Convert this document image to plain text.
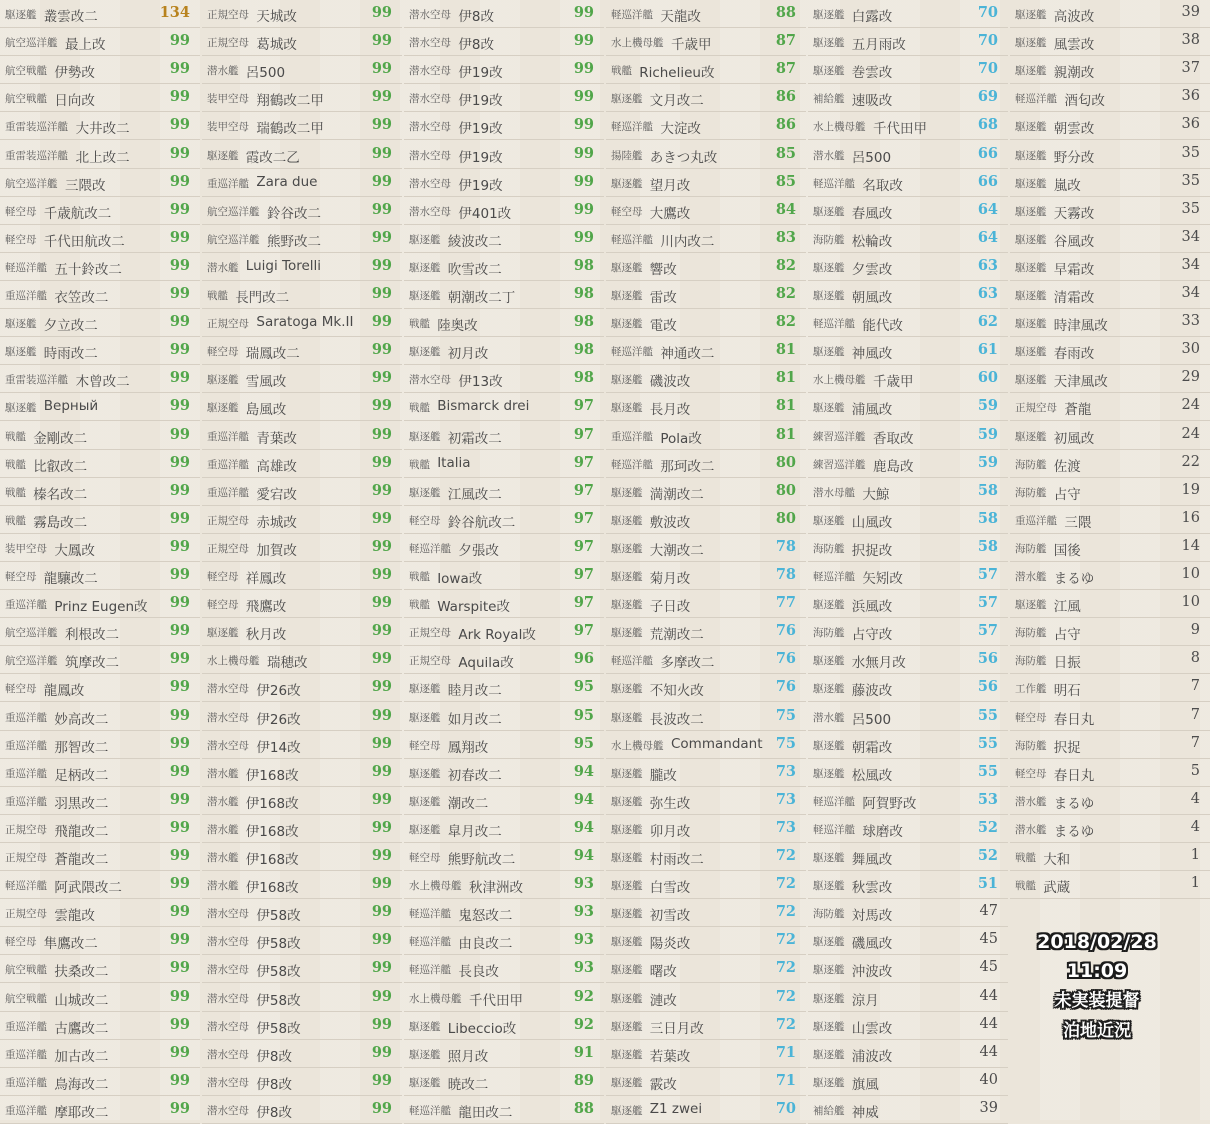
駆逐艦 叢雲改二	134
航空巡洋艦 最上改	99
航空戦艦 伊勢改	99
航空戦艦 日向改	99
重雷装巡洋艦 大井改二	99
重雷装巡洋艦 北上改二	99
航空巡洋艦 三隈改	99
軽空母 千歳航改二	99
軽空母 千代田航改二	99
軽巡洋艦 五十鈴改二	99
重巡洋艦 衣笠改二	99
駆逐艦 夕立改二	99
駆逐艦 時雨改二	99
重雷装巡洋艦 木曾改二	99
駆逐艦 Верный	99
戦艦 金剛改二	99
戦艦 比叡改二	99
戦艦 榛名改二	99
戦艦 霧島改二	99
装甲空母 大鳳改	99
軽空母 龍驤改二	99
重巡洋艦 Prinz Eugen改 99
航空巡洋艦 利根改二	99
航空巡洋艦 筑摩改二	99
軽空母 龍鳳改	99
重巡洋艦 妙高改二	99
重巡洋艦 那智改二	99
重巡洋艦 足柄改二	99
重巡洋艦 羽黒改二	99
正規空母 飛龍改二	99
正規空母 蒼龍改二	99
軽巡洋艦 阿武隈改二	99
正規空母 雲龍改	99
軽空母 隼鷹改二	99
航空戦艦 扶桑改二	99
航空戦艦 山城改二	99
重巡洋艦 古鷹改二	99
重巡洋艦 加古改二	99
重巡洋艦 鳥海改二	99
重巡洋艦 摩耶改二	99
正規空母 天城改	99
正規空母 葛城改	99
潜水艦 呂500	99
装甲空母 翔鶴改二甲	99
装甲空母 瑞鶴改二甲	99
駆逐艦 霞改二乙	99
重巡洋艦 Zara due	99
航空巡洋艦 鈴谷改二	99
航空巡洋艦 熊野改二	99
潜水艦 Luigi Torelli	99
戦艦 長門改二	99
正規空母 Saratoga Mk.II 99
軽空母 瑞鳳改二	99
駆逐艦 雪風改	99
駆逐艦 島風改	99
重巡洋艦 青葉改	99
重巡洋艦 高雄改	99
重巡洋艦 愛宕改	99
正規空母 赤城改	99
正規空母 加賀改	99
軽空母 祥鳳改	99
軽空母 飛鷹改	99
駆逐艦 秋月改	99
水上機母艦 瑞穂改	99
潜水空母 伊26改	99
潜水空母 伊26改	99
潜水空母 伊14改	99
潜水艦 伊168改	99
潜水艦 伊168改	99
潜水艦 伊168改	99
潜水艦 伊168改	99
潜水艦 伊168改	99
潜水空母 伊58改	99
潜水空母 伊58改	99
潜水空母 伊58改	99
潜水空母 伊58改	99
潜水空母 伊58改	99
潜水空母 伊8改	99
潜水空母 伊8改	99
潜水空母 伊8改	99
潜水空母 伊8改	99
潜水空母 伊8改	99
潜水空母 伊19改	99
潜水空母 伊19改	99
潜水空母 伊19改	99
潜水空母 伊19改	99
潜水空母 伊19改	99
潜水空母 伊401改	99
駆逐艦 綾波改二	99
駆逐艦 吹雪改二	98
駆逐艦 朝潮改二丁	98
戦艦 陸奥改	98
駆逐艦 初月改	98
潜水空母 伊13改	98
戦艦 Bismarck drei	97
駆逐艦 初霜改二	97
戦艦 Italia	97
駆逐艦 江風改二	97
軽空母 鈴谷航改二	97
軽巡洋艦 夕張改	97
戦艦 Iowa改	97
戦艦 Warspite改	97
正規空母 Ark Royal改	97
正規空母 Aquila改	96
駆逐艦 睦月改二	95
駆逐艦 如月改二	95
軽空母 鳳翔改	95
駆逐艦 初春改二	94
駆逐艦 潮改二	94
駆逐艦 皐月改二	94
軽空母 熊野航改二	94
水上機母艦 秋津洲改	93
軽巡洋艦 鬼怒改二	93
軽巡洋艦 由良改二	93
軽巡洋艦 長良改	93
水上機母艦 千代田甲	92
駆逐艦 Libeccio改	92
駆逐艦 照月改	91
駆逐艦 暁改二	89
軽巡洋艦 龍田改二	88
軽巡洋艦 天龍改	88
水上機母艦 千歳甲	87
戦艦 Richelieu改	87
駆逐艦 文月改二	86
軽巡洋艦 大淀改	86
揚陸艦 あきつ丸改	85
駆逐艦 望月改	85
軽空母 大鷹改	84
軽巡洋艦 川内改二	83
駆逐艦 響改	82
駆逐艦 雷改	82
駆逐艦 電改	82
軽巡洋艦 神通改二	81
駆逐艦 磯波改	81
駆逐艦 長月改	81
重巡洋艦 Pola改	81
軽巡洋艦 那珂改二	80
駆逐艦 満潮改二	80
駆逐艦 敷波改	80
駆逐艦 大潮改二	78
駆逐艦 菊月改	78
駆逐艦 子日改	77
駆逐艦 荒潮改二	76
軽巡洋艦 多摩改二	76
駆逐艦 不知火改	76
駆逐艦 長波改二	75
水上機母艦 Commandant 75
駆逐艦 朧改	73
駆逐艦 弥生改	73
駆逐艦 卯月改	73
駆逐艦 村雨改二	72
駆逐艦 白雪改	72
駆逐艦 初雪改	72
駆逐艦 陽炎改	72
駆逐艦 曙改	72
駆逐艦 漣改	72
駆逐艦 三日月改	72
駆逐艦 若葉改	71
駆逐艦 霰改	71
駆逐艦 Z1 zwei	70
駆逐艦 白露改	70
駆逐艦 五月雨改	70
駆逐艦 巻雲改	70
補給艦 速吸改	69
水上機母艦 千代田甲	68
潜水艦 呂500	66
軽巡洋艦 名取改	66
駆逐艦 春風改	64
海防艦 松輪改	64
駆逐艦 夕雲改	63
駆逐艦 朝風改	63
軽巡洋艦 能代改	62
駆逐艦 神風改	61
水上機母艦 千歳甲	60
駆逐艦 浦風改	59
練習巡洋艦 香取改	59
練習巡洋艦 鹿島改	59
潜水母艦 大鯨	58
駆逐艦 山風改	58
海防艦 択捉改	58
軽巡洋艦 矢矧改	57
駆逐艦 浜風改	57
海防艦 占守改	57
駆逐艦 水無月改	56
駆逐艦 藤波改	56
潜水艦 呂500	55
駆逐艦 朝霜改	55
駆逐艦 松風改	55
軽巡洋艦 阿賀野改	53
軽巡洋艦 球磨改	52
駆逐艦 舞風改	52
駆逐艦 秋雲改	51
海防艦 対馬改	47
駆逐艦 磯風改	45
駆逐艦 沖波改	45
駆逐艦 涼月	44
駆逐艦 山雲改	44
駆逐艦 浦波改	44
駆逐艦 旗風	40
補給艦 神威	39
駆逐艦 高波改	39
駆逐艦 風雲改	38
駆逐艦 親潮改	37
軽巡洋艦 酒匂改	36
駆逐艦 朝雲改	36
駆逐艦 野分改	35
駆逐艦 嵐改	35
駆逐艦 天霧改	35
駆逐艦 谷風改	34
駆逐艦 早霜改	34
駆逐艦 清霜改	34
駆逐艦 時津風改	33
駆逐艦 春雨改	30
駆逐艦 天津風改	29
正規空母 蒼龍	24
駆逐艦 初風改	24
海防艦 佐渡	22
海防艦 占守	19
重巡洋艦 三隈	16
海防艦 国後	14
潜水艦 まるゆ	10
駆逐艦 江風	10
海防艦 占守	9
海防艦 日振	8
工作艦 明石	7
軽空母 春日丸	7
海防艦 択捉	7
軽空母 春日丸	5
潜水艦 まるゆ	4
潜水艦 まるゆ	4
戦艦 大和	1
戦艦 武蔵	1
2018/02/28
11:09
未実装提督
泊地近況
